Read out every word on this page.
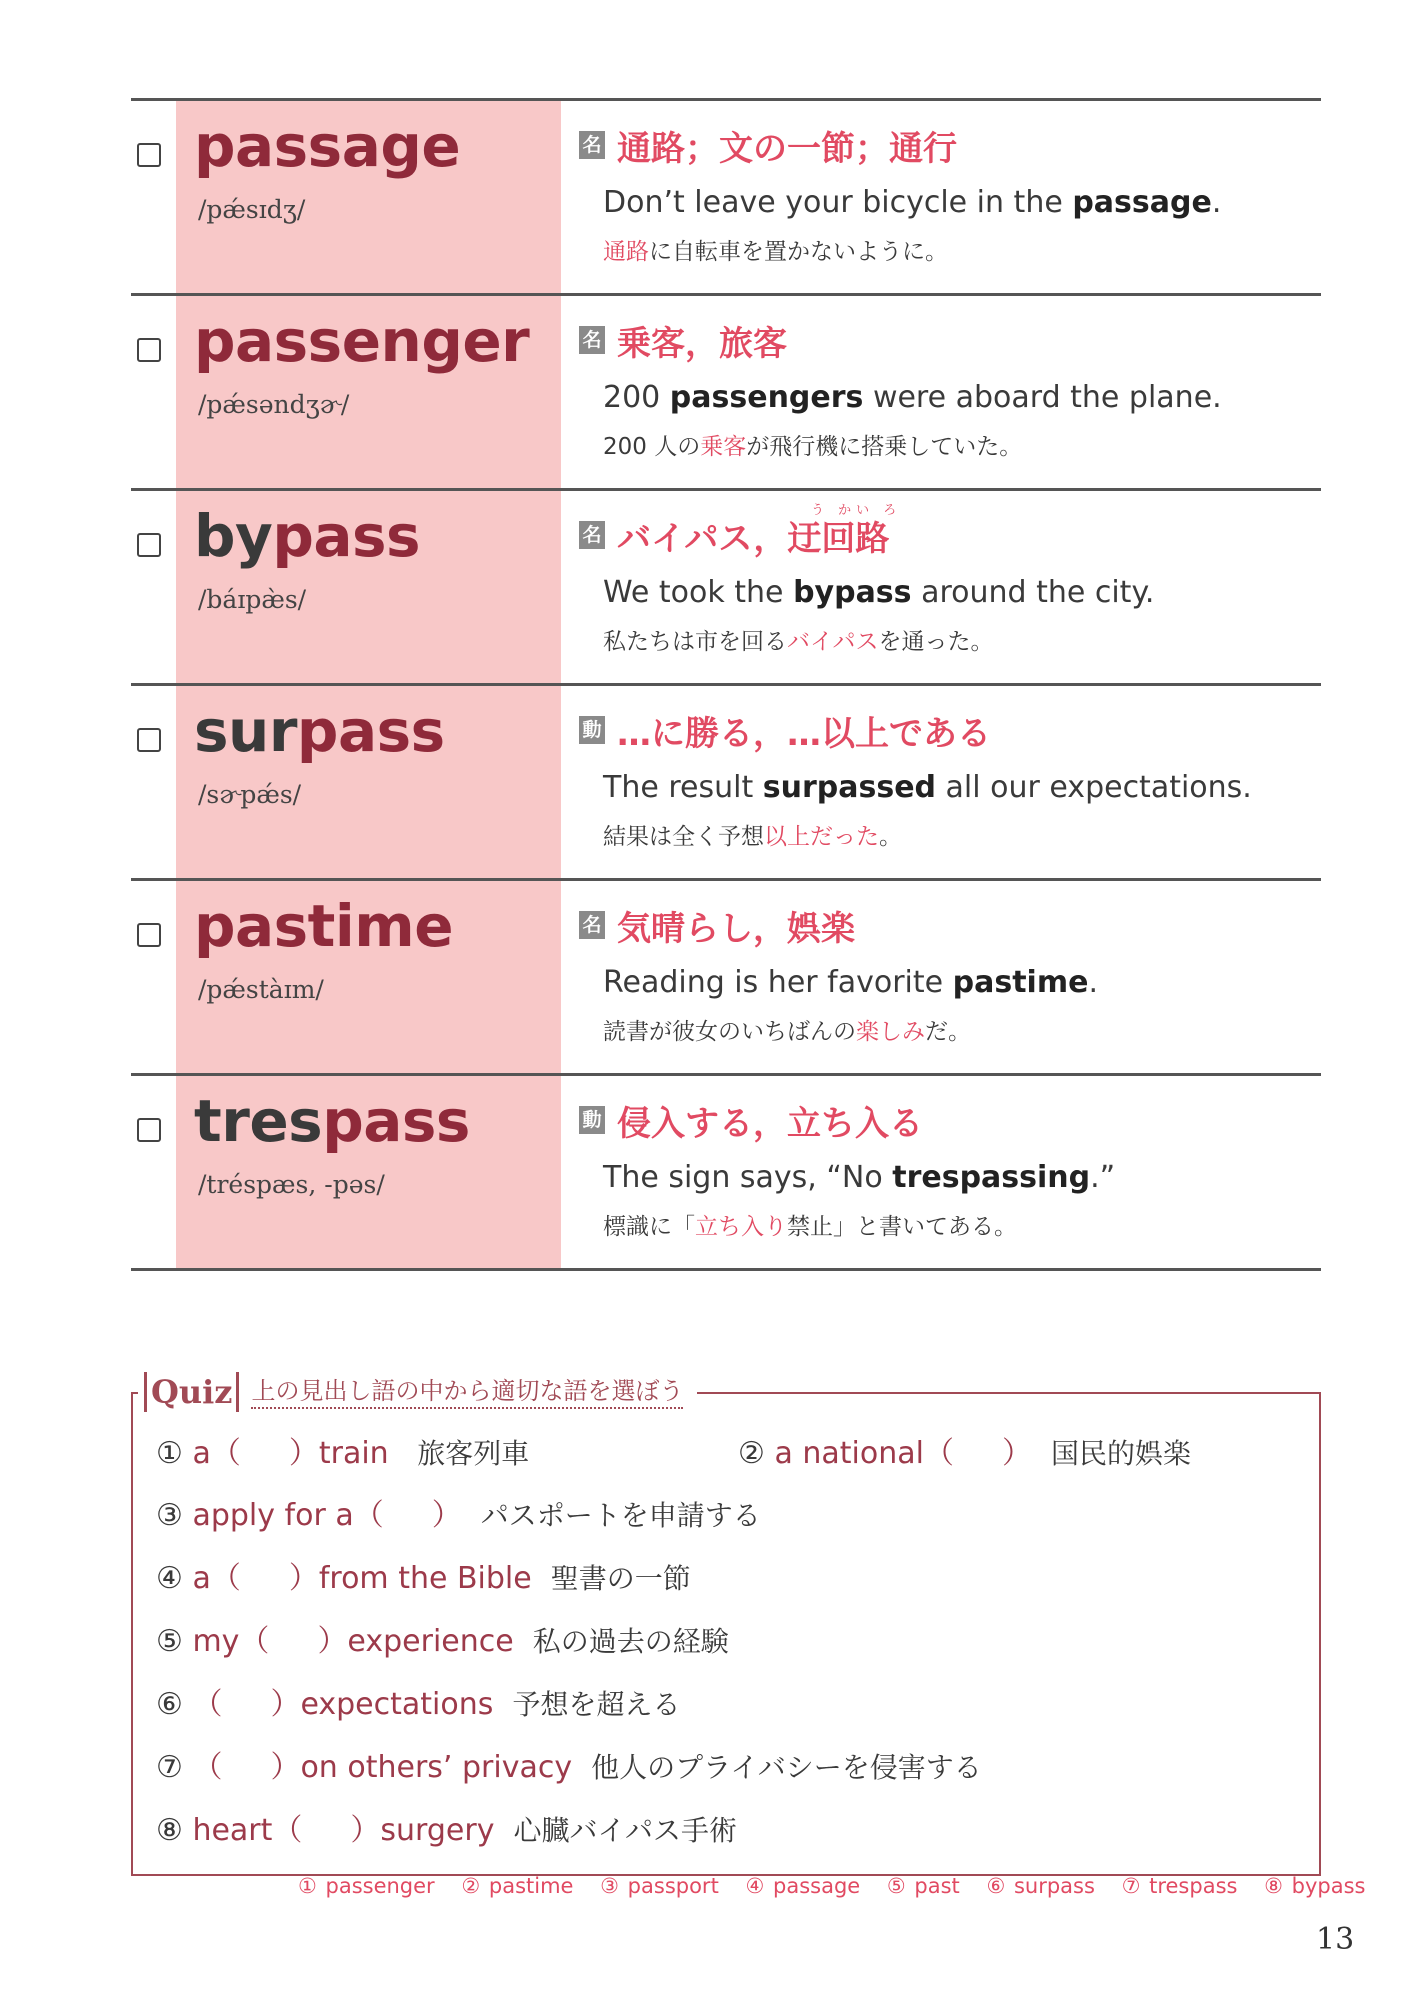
passage
/pǽsɪdʒ/
名 通路；文の一節；通行
Don’t leave your bicycle in the passage.
通路に自転車を置かないように。
passenger
/pǽsəndʒɚ/
名 乗客，旅客
200 passengers were aboard the plane.
200 人の乗客が飛行機に搭乗していた。
bypass
/báɪpæ̀s/
う かい ろ
名 バイパス，迂回路
We took the bypass around the city.
私たちは市を回るバイパスを通った。
surpass
/sɚpǽs/
動 …に勝る，…以上である
The result surpassed all our expectations.
結果は全く予想以上だった。
pastime
/pǽstàɪm/
名 気晴らし，娯楽
Reading is her favorite pastime.
読書が彼女のいちばんの楽しみだ。
trespass
/tréspæs, -pəs/
動 侵入する，立ち入る
The sign says, “No trespassing.”
標識に「立ち入り禁止」と書いてある。
Quiz 上の見出し語の中から適切な語を選ぼう
① a（ ）train 旅客列車	② a national（ ） 国民的娯楽
③ apply for a（ ） パスポートを申請する
④ a（ ）from the Bible 聖書の一節
⑤ my（ ）experience 私の過去の経験
⑥ （ ）expectations 予想を超える
⑦ （ ）on others’ privacy 他人のプライバシーを侵害する
⑧ heart（ ）surgery 心臓バイパス手術
① passenger ② pastime ③ passport ④ passage ⑤ past ⑥ surpass ⑦ trespass ⑧ bypass
13
